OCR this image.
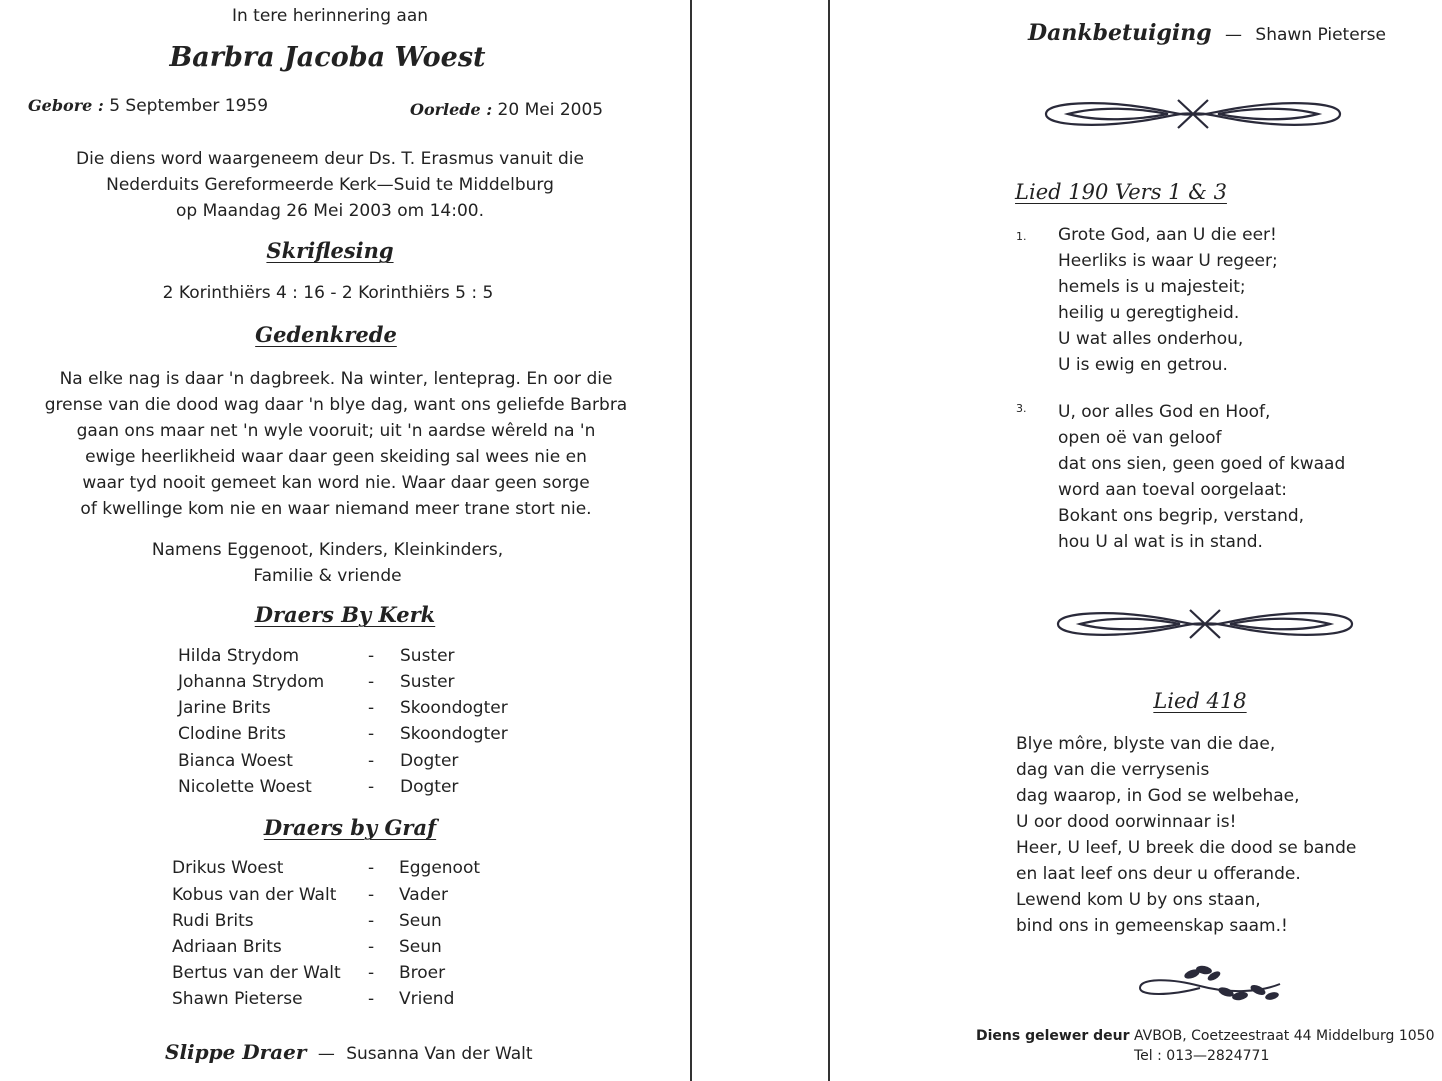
In tere herinnering aan
Barbra Jacoba Woest
Gebore : 5 September 1959	Oorlede : 20 Mei 2005

Die diens word waargeneem deur Ds. T. Erasmus vanuit die

Nederduits Gereformeerde Kerk—Suid te Middelburg

op Maandag 26 Mei 2003 om 14:00.

Skriflesing
2 Korinthiërs 4 : 16 - 2 Korinthiërs 5 : 5
Gedenkrede

Na elke nag is daar 'n dagbreek. Na winter, lenteprag. En oor die

grense van die dood wag daar 'n blye dag, want ons geliefde Barbra

gaan ons maar net 'n wyle vooruit; uit 'n aardse wêreld na 'n

ewige heerlikheid waar daar geen skeiding sal wees nie en

waar tyd nooit gemeet kan word nie. Waar daar geen sorge

of kwellinge kom nie en waar niemand meer trane stort nie.

Namens Eggenoot, Kinders, Kleinkinders,

Familie & vriende

Draers By Kerk
Hilda Strydom	- Suster
Johanna Strydom	- Suster
Jarine Brits	- Skoondogter
Clodine Brits	- Skoondogter
Bianca Woest	- Dogter
Nicolette Woest	- Dogter
Draers by Graf
Drikus Woest	- Eggenoot
Kobus van der Walt - Vader
Rudi Brits	- Seun
Adriaan Brits	- Seun
Bertus van der Walt - Broer
Shawn Pieterse	- Vriend
Slippe Draer — Susanna Van der Walt
Dankbetuiging — Shawn Pieterse
Lied 190 Vers 1 & 3
1. Grote God, aan U die eer!
Heerliks is waar U regeer;
hemels is u majesteit;
heilig u geregtigheid.
U wat alles onderhou,
U is ewig en getrou.
3. U, oor alles God en Hoof,
open oë van geloof
dat ons sien, geen goed of kwaad
word aan toeval oorgelaat:
Bokant ons begrip, verstand,
hou U al wat is in stand.
Lied 418
Blye môre, blyste van die dae,
dag van die verrysenis
dag waarop, in God se welbehae,
U oor dood oorwinnaar is!
Heer, U leef, U breek die dood se bande
en laat leef ons deur u offerande.
Lewend kom U by ons staan,
bind ons in gemeenskap saam.!
Diens gelewer deur AVBOB, Coetzeestraat 44 Middelburg 1050
Tel : 013—2824771
